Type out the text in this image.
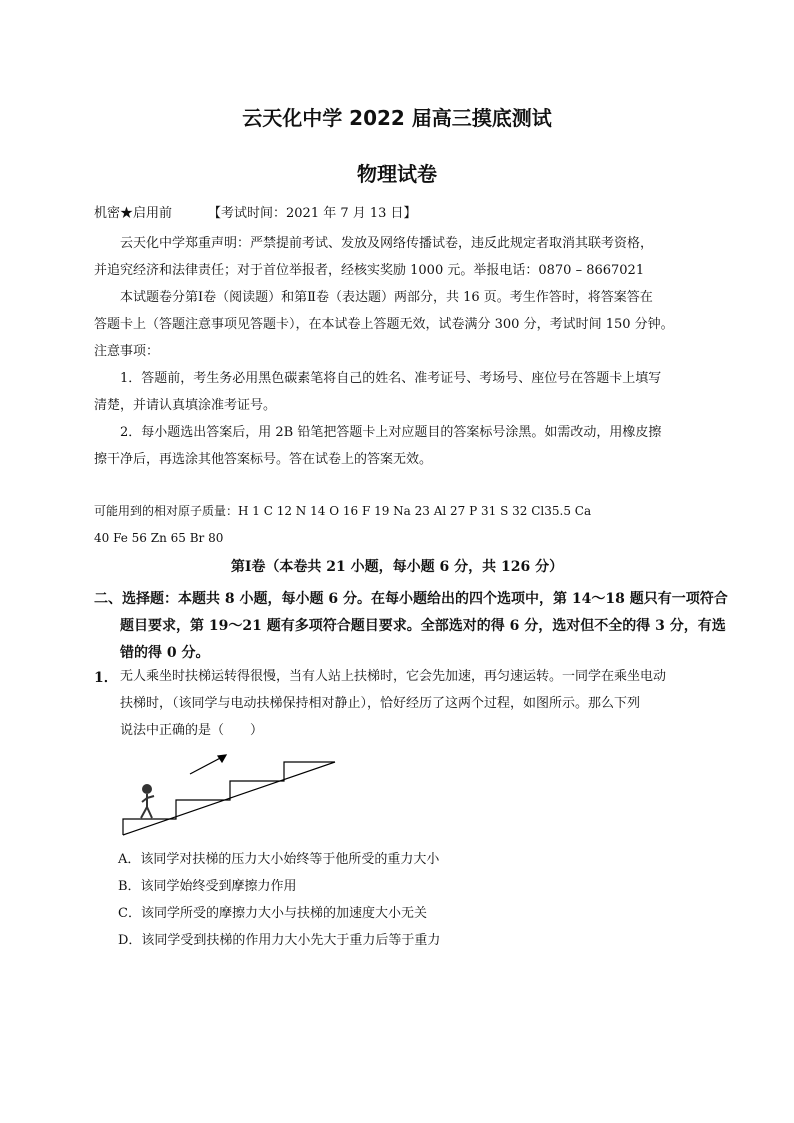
云天化中学 2022 届高三摸底测试
物理试卷
机密★启用前	【考试时间：2021 年 7 月 13 日】
云天化中学郑重声明：严禁提前考试、发放及网络传播试卷，违反此规定者取消其联考资格，
并追究经济和法律责任；对于首位举报者，经核实奖励 1000 元。举报电话：0870 – 8667021
本试题卷分第Ⅰ卷（阅读题）和第Ⅱ卷（表达题）两部分，共 16 页。考生作答时，将答案答在
答题卡上（答题注意事项见答题卡），在本试卷上答题无效，试卷满分 300 分，考试时间 150 分钟。
注意事项：
1．答题前，考生务必用黑色碳素笔将自己的姓名、准考证号、考场号、座位号在答题卡上填写
清楚，并请认真填涂准考证号。
2．每小题选出答案后，用 2B 铅笔把答题卡上对应题目的答案标号涂黑。如需改动，用橡皮擦
擦干净后，再选涂其他答案标号。答在试卷上的答案无效。
可能用到的相对原子质量：H 1 C 12 N 14 O 16 F 19 Na 23 Al 27 P 31 S 32 Cl35.5 Ca
40 Fe 56 Zn 65 Br 80
第Ⅰ卷（本卷共 21 小题，每小题 6 分，共 126 分）
二、选择题：本题共 8 小题，每小题 6 分。在每小题给出的四个选项中，第 14～18 题只有一项符合
题目要求，第 19～21 题有多项符合题目要求。全部选对的得 6 分，选对但不全的得 3 分，有选
错的得 0 分。
1． 无人乘坐时扶梯运转得很慢，当有人站上扶梯时，它会先加速，再匀速运转。一同学在乘坐电动
扶梯时，（该同学与电动扶梯保持相对静止），恰好经历了这两个过程，如图所示。那么下列
说法中正确的是（　　）
A．该同学对扶梯的压力大小始终等于他所受的重力大小
B．该同学始终受到摩擦力作用
C．该同学所受的摩擦力大小与扶梯的加速度大小无关
D．该同学受到扶梯的作用力大小先大于重力后等于重力
